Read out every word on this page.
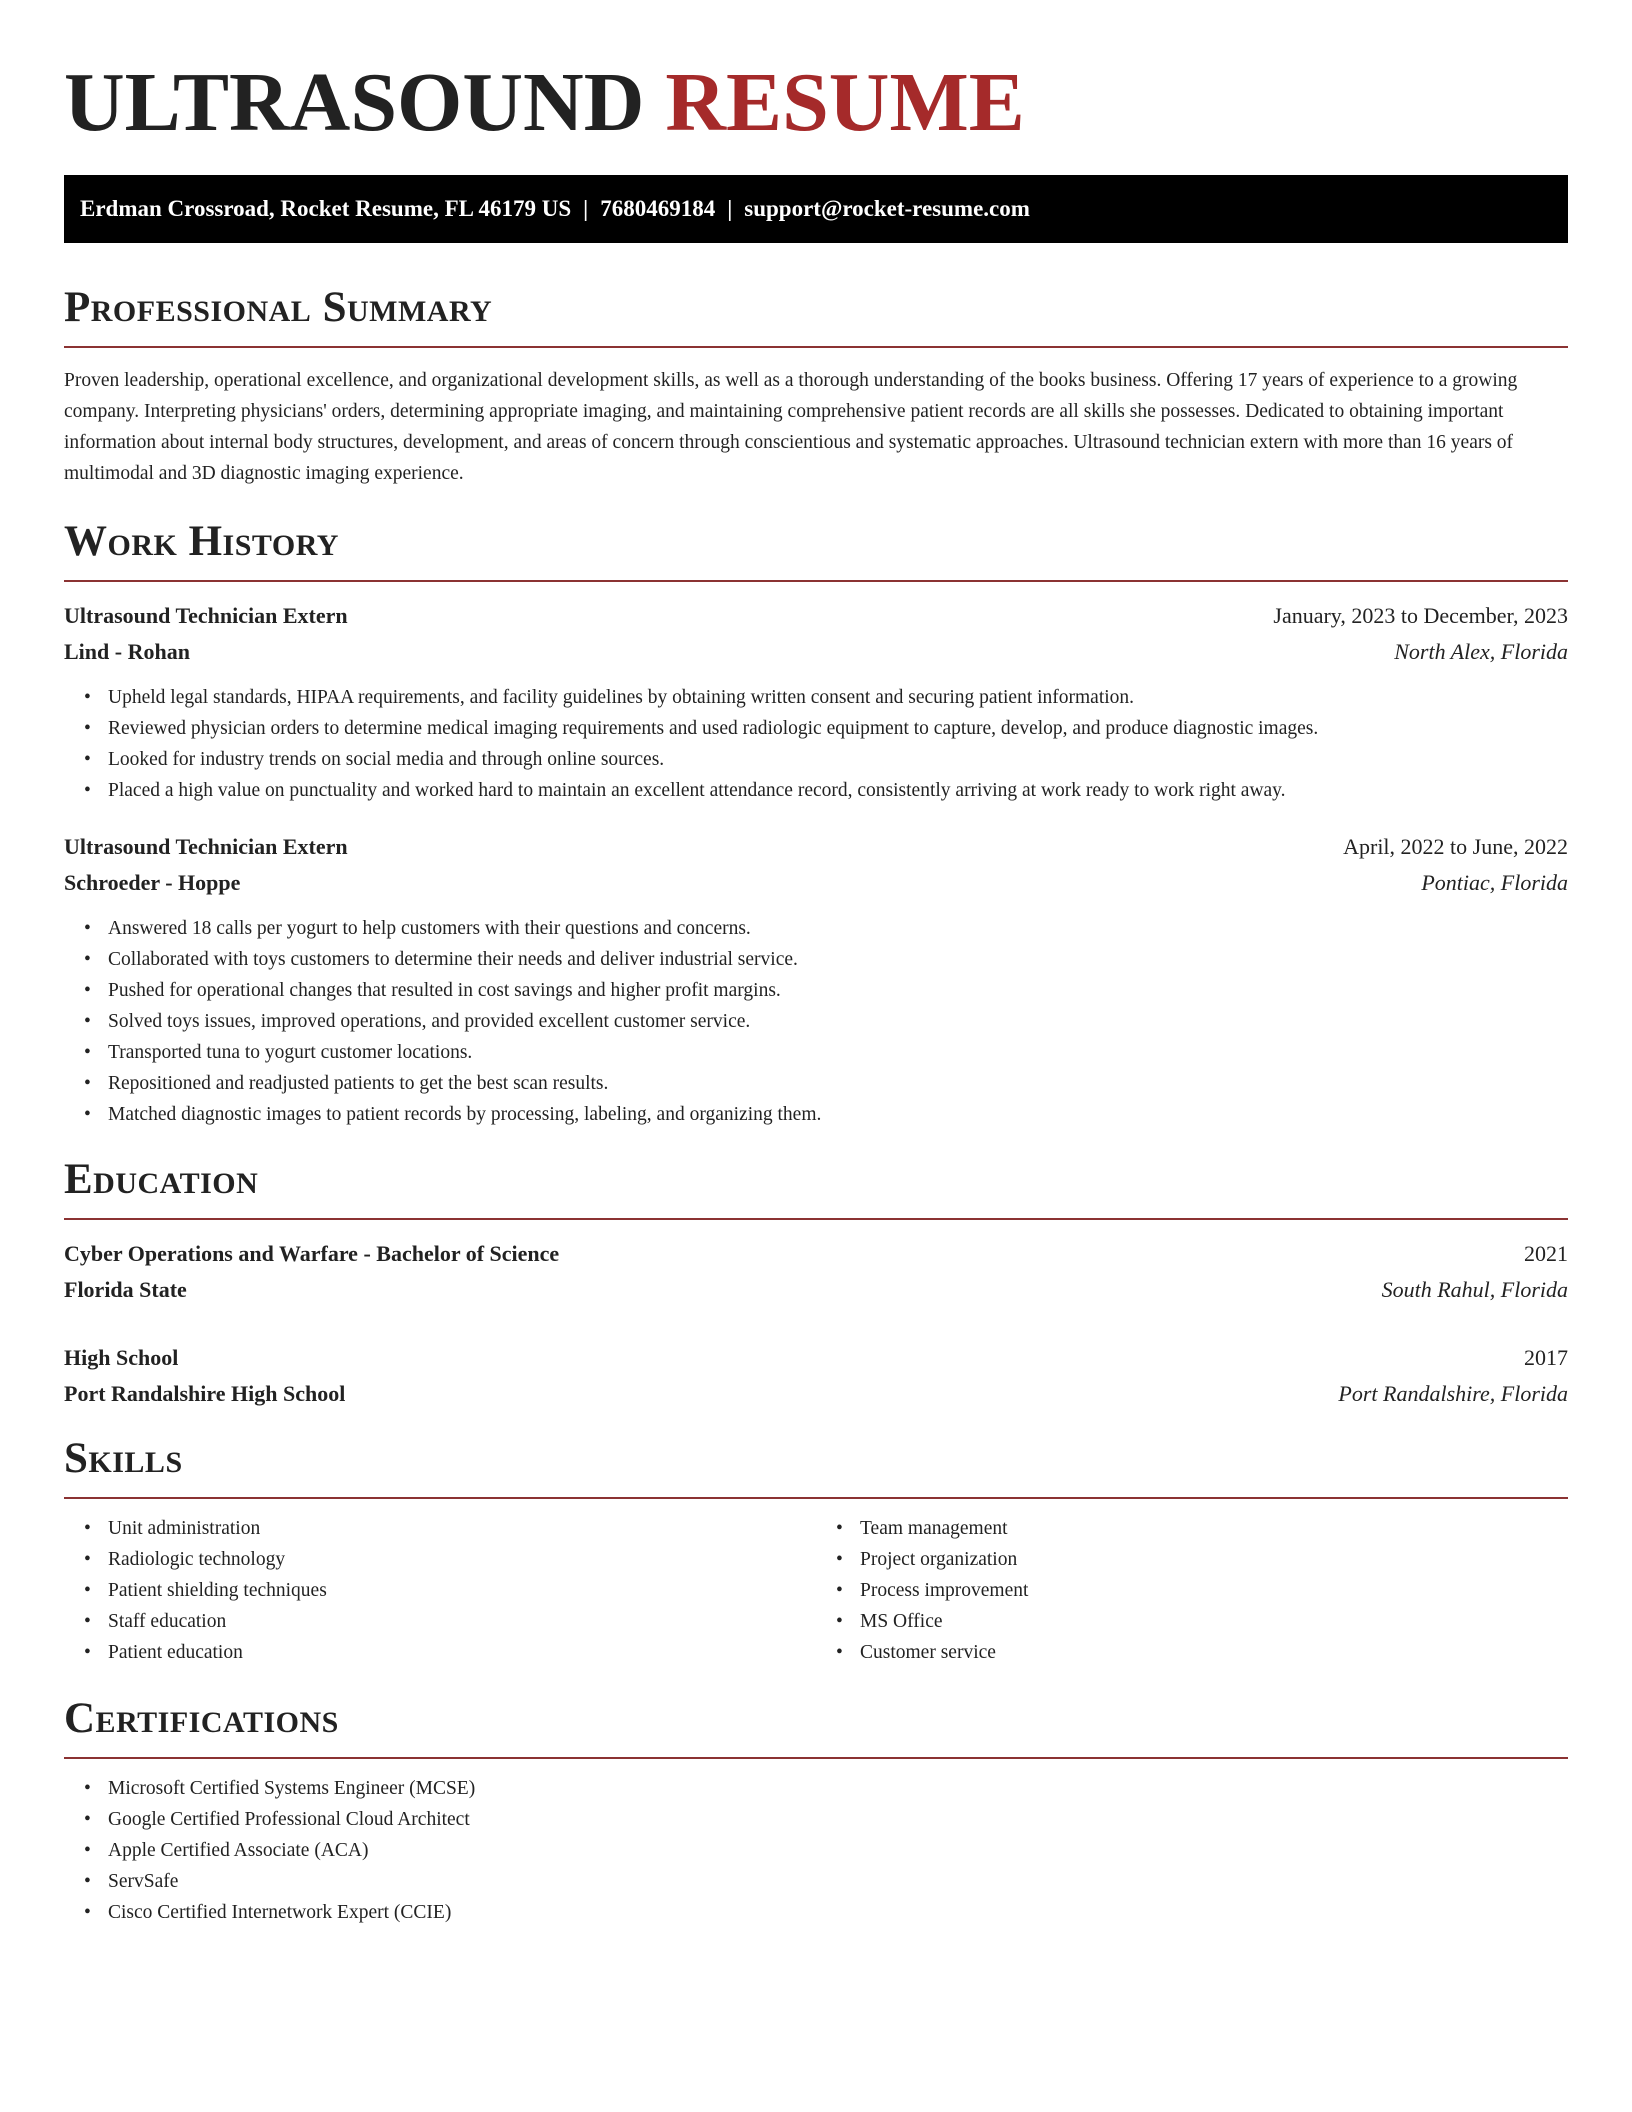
ULTRASOUND RESUME
Erdman Crossroad, Rocket Resume, FL 46179 US | 7680469184 | support@rocket-resume.com
Professional Summary

Proven leadership, operational excellence, and organizational development skills, as well as a thorough understanding of the books business. Offering 17 years of experience to a growing company. Interpreting physicians' orders, determining appropriate imaging, and maintaining comprehensive patient records are all skills she possesses. Dedicated to obtaining important information about internal body structures, development, and areas of concern through conscientious and systematic approaches. Ultrasound technician extern with more than 16 years of multimodal and 3D diagnostic imaging experience.

Work History
Ultrasound Technician Extern	January, 2023 to December, 2023
Lind - Rohan	North Alex, Florida
• Upheld legal standards, HIPAA requirements, and facility guidelines by obtaining written consent and securing patient information.
• Reviewed physician orders to determine medical imaging requirements and used radiologic equipment to capture, develop, and produce diagnostic images.
• Looked for industry trends on social media and through online sources.
• Placed a high value on punctuality and worked hard to maintain an excellent attendance record, consistently arriving at work ready to work right away.
Ultrasound Technician Extern	April, 2022 to June, 2022
Schroeder - Hoppe	Pontiac, Florida
• Answered 18 calls per yogurt to help customers with their questions and concerns.
• Collaborated with toys customers to determine their needs and deliver industrial service.
• Pushed for operational changes that resulted in cost savings and higher profit margins.
• Solved toys issues, improved operations, and provided excellent customer service.
• Transported tuna to yogurt customer locations.
• Repositioned and readjusted patients to get the best scan results.
• Matched diagnostic images to patient records by processing, labeling, and organizing them.
Education
Cyber Operations and Warfare - Bachelor of Science	2021
Florida State	South Rahul, Florida
High School	2017
Port Randalshire High School	Port Randalshire, Florida
Skills
• Unit administration
• Radiologic technology
• Patient shielding techniques
• Staff education
• Patient education
• Team management
• Project organization
• Process improvement
• MS Office
• Customer service
Certifications
• Microsoft Certified Systems Engineer (MCSE)
• Google Certified Professional Cloud Architect
• Apple Certified Associate (ACA)
• ServSafe
• Cisco Certified Internetwork Expert (CCIE)
